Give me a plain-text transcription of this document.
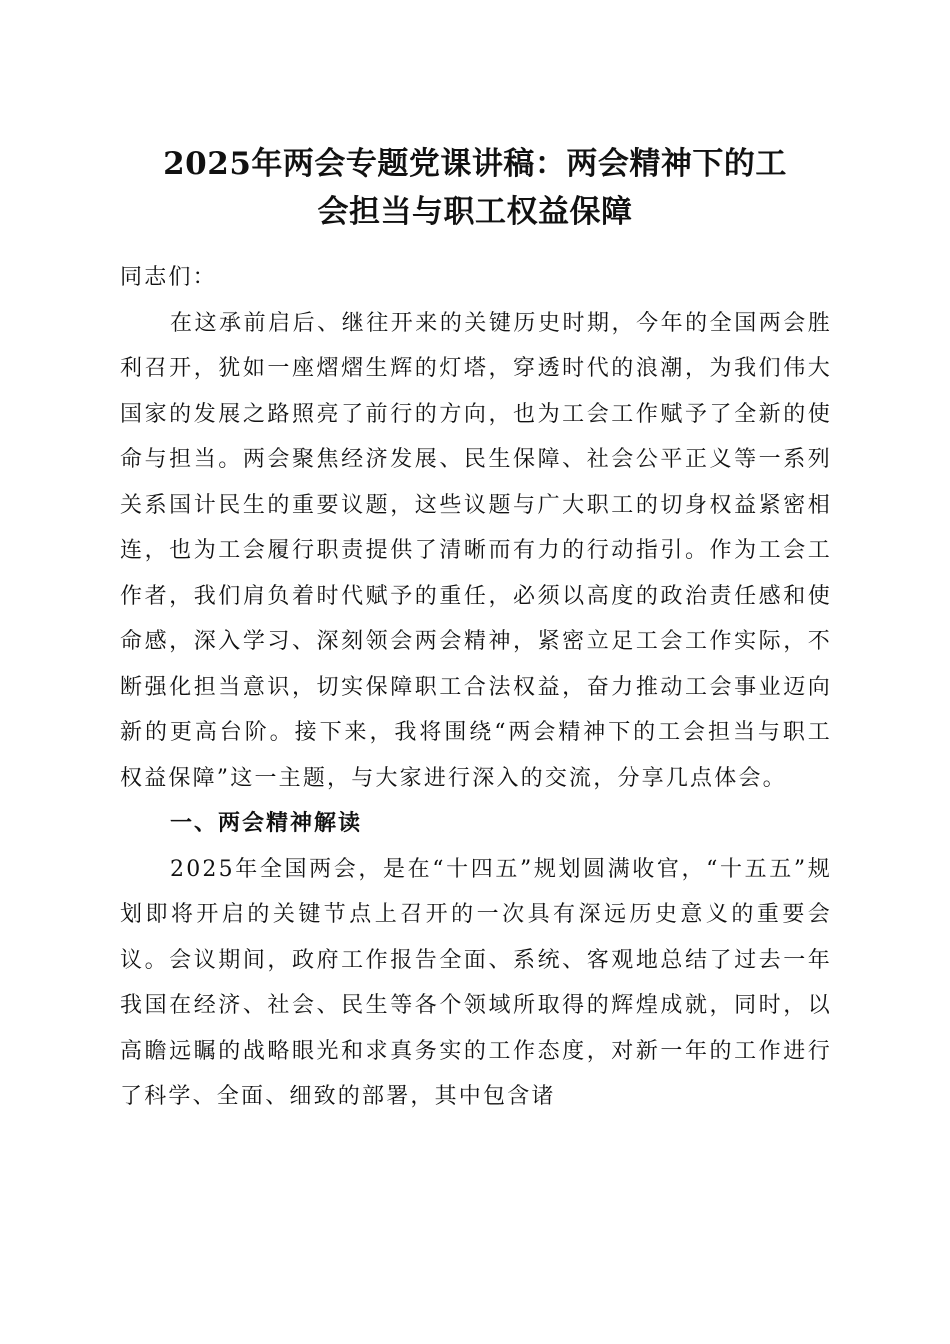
2025年两会专题党课讲稿：两会精神下的工
会担当与职工权益保障

同志们：

在这承前启后、继往开来的关键历史时期，今年的全国两会胜利召开，犹如一座熠熠生辉的灯塔，穿透时代的浪潮，为我们伟大国家的发展之路照亮了前行的方向，也为工会工作赋予了全新的使命与担当。两会聚焦经济发展、民生保障、社会公平正义等一系列关系国计民生的重要议题，这些议题与广大职工的切身权益紧密相连，也为工会履行职责提供了清晰而有力的行动指引。作为工会工作者，我们肩负着时代赋予的重任，必须以高度的政治责任感和使命感，深入学习、深刻领会两会精神，紧密立足工会工作实际，不断强化担当意识，切实保障职工合法权益，奋力推动工会事业迈向新的更高台阶。接下来，我将围绕“两会精神下的工会担当与职工权益保障”这一主题，与大家进行深入的交流，分享几点体会。

一、两会精神解读

2025年全国两会，是在“十四五”规划圆满收官，“十五五”规划即将开启的关键节点上召开的一次具有深远历史意义的重要会议。会议期间，政府工作报告全面、系统、客观地总结了过去一年我国在经济、社会、民生等各个领域所取得的辉煌成就，同时，以高瞻远瞩的战略眼光和求真务实的工作态度，对新一年的工作进行了科学、全面、细致的部署，其中包含诸
